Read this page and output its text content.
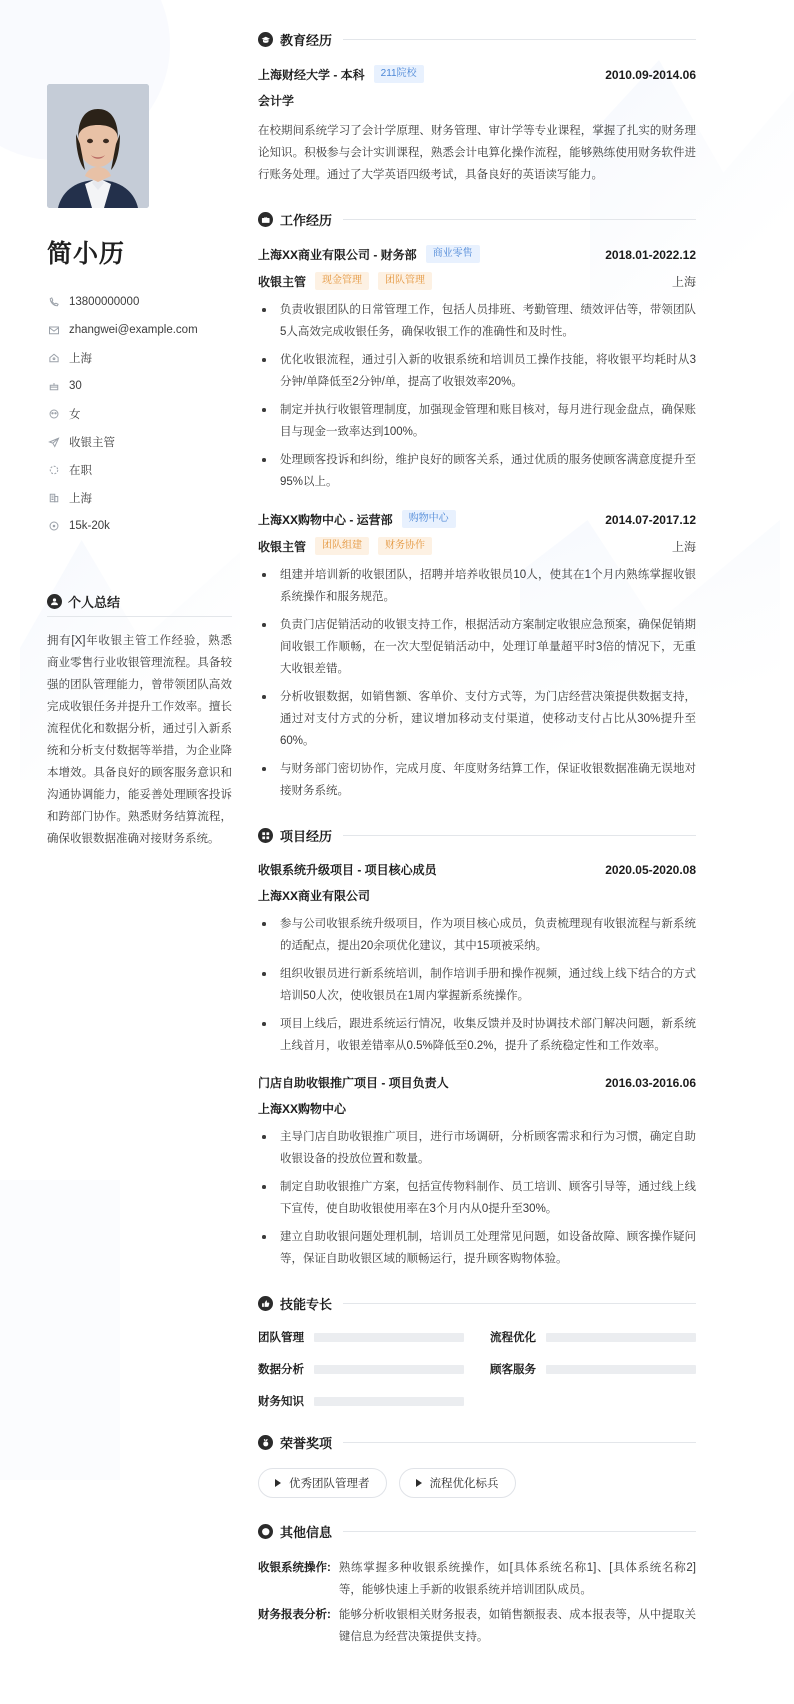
简小历
13800000000
zhangwei@example.com
上海
30
女
收银主管
在职
上海
15k-20k
个人总结

拥有[X]年收银主管工作经验，熟悉商业零售行业收银管理流程。具备较强的团队管理能力，曾带领团队高效完成收银任务并提升工作效率。擅长流程优化和数据分析，通过引入新系统和分析支付数据等举措，为企业降本增效。具备良好的顾客服务意识和沟通协调能力，能妥善处理顾客投诉和跨部门协作。熟悉财务结算流程，确保收银数据准确对接财务系统。

教育经历
上海财经大学 - 本科	211院校	2010.09-2014.06
会计学

在校期间系统学习了会计学原理、财务管理、审计学等专业课程，掌握了扎实的财务理论知识。积极参与会计实训课程，熟悉会计电算化操作流程，能够熟练使用财务软件进行账务处理。通过了大学英语四级考试，具备良好的英语读写能力。

工作经历
上海XX商业有限公司 - 财务部	商业零售	2018.01-2022.12
收银主管	现金管理	团队管理	上海
负责收银团队的日常管理工作，包括人员排班、考勤管理、绩效评估等，带领团队5人高效完成收银任务，确保收银工作的准确性和及时性。
优化收银流程，通过引入新的收银系统和培训员工操作技能，将收银平均耗时从3分钟/单降低至2分钟/单，提高了收银效率20%。
制定并执行收银管理制度，加强现金管理和账目核对，每月进行现金盘点，确保账目与现金一致率达到100%。
处理顾客投诉和纠纷，维护良好的顾客关系，通过优质的服务使顾客满意度提升至95%以上。
上海XX购物中心 - 运营部	购物中心	2014.07-2017.12
收银主管	团队组建	财务协作	上海
组建并培训新的收银团队，招聘并培养收银员10人，使其在1个月内熟练掌握收银系统操作和服务规范。
负责门店促销活动的收银支持工作，根据活动方案制定收银应急预案，确保促销期间收银工作顺畅，在一次大型促销活动中，处理订单量超平时3倍的情况下，无重大收银差错。
分析收银数据，如销售额、客单价、支付方式等，为门店经营决策提供数据支持，通过对支付方式的分析，建议增加移动支付渠道，使移动支付占比从30%提升至60%。
与财务部门密切协作，完成月度、年度财务结算工作，保证收银数据准确无误地对接财务系统。
项目经历
收银系统升级项目 - 项目核心成员	2020.05-2020.08
上海XX商业有限公司
参与公司收银系统升级项目，作为项目核心成员，负责梳理现有收银流程与新系统的适配点，提出20余项优化建议，其中15项被采纳。
组织收银员进行新系统培训，制作培训手册和操作视频，通过线上线下结合的方式培训50人次，使收银员在1周内掌握新系统操作。
项目上线后，跟进系统运行情况，收集反馈并及时协调技术部门解决问题，新系统上线首月，收银差错率从0.5%降低至0.2%，提升了系统稳定性和工作效率。
门店自助收银推广项目 - 项目负责人	2016.03-2016.06
上海XX购物中心
主导门店自助收银推广项目，进行市场调研，分析顾客需求和行为习惯，确定自助收银设备的投放位置和数量。
制定自助收银推广方案，包括宣传物料制作、员工培训、顾客引导等，通过线上线下宣传，使自助收银使用率在3个月内从0提升至30%。
建立自助收银问题处理机制，培训员工处理常见问题，如设备故障、顾客操作疑问等，保证自助收银区域的顺畅运行，提升顾客购物体验。
技能专长
团队管理	流程优化
数据分析	顾客服务
财务知识
荣誉奖项
优秀团队管理者	流程优化标兵
其他信息
收银系统操作: 熟练掌握多种收银系统操作，如[具体系统名称1]、[具体系统名称2]等，能够快速上手新的收银系统并培训团队成员。
财务报表分析: 能够分析收银相关财务报表，如销售额报表、成本报表等，从中提取关键信息为经营决策提供支持。
